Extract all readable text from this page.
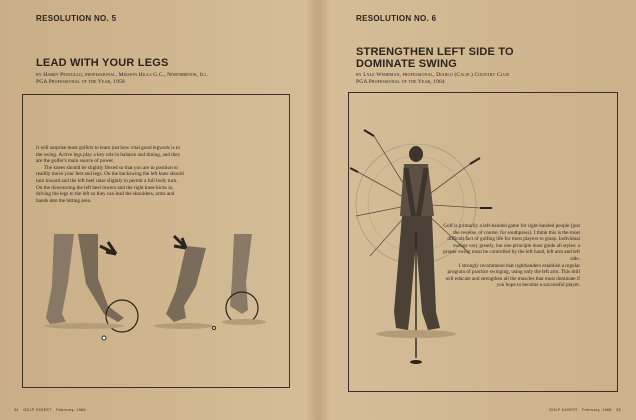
RESOLUTION NO. 5
LEAD WITH YOUR LEGS
by Harry Pezzullo, professional, Mission Hills G.C., Northbrook, Ill.
PGA Professional of the Year, 1958

It will surprise most golfers to learn just how vital good legwork is to the swing. Active legs play a key role in balance and timing, and they are the golfer's main source of power.

The knees should be slightly flexed so that you are in position to readily move your feet and legs. On the backswing the left knee should turn inward and the left heel raise slightly to permit a full body turn. On the downswing the left heel lowers and the right knee kicks in, driving the legs to the left so they can lead the shoulders, arms and hands into the hitting area.

34 GOLF DIGEST February, 1968
RESOLUTION NO. 6
STRENGTHEN LEFT SIDE TO DOMINATE SWING
by Lyle Wehrman, professional, Diablo (Calif.) Country Club
PGA Professional of the Year, 1964

Golf is primarily a left-handed game for right-handed people (just the reverse, of course, for southpaws). I think this is the most difficult fact of golfing life for most players to grasp. Individual swings vary greatly, but one principle must guide all styles: a proper swing must be controlled by the left hand, left arm and left side.

I strongly recommend that righthanders establish a regular program of practice swinging, using only the left arm. This drill will educate and strengthen all the muscles that must dominate if you hope to become a successful player.

GOLF DIGEST February, 1968 35
